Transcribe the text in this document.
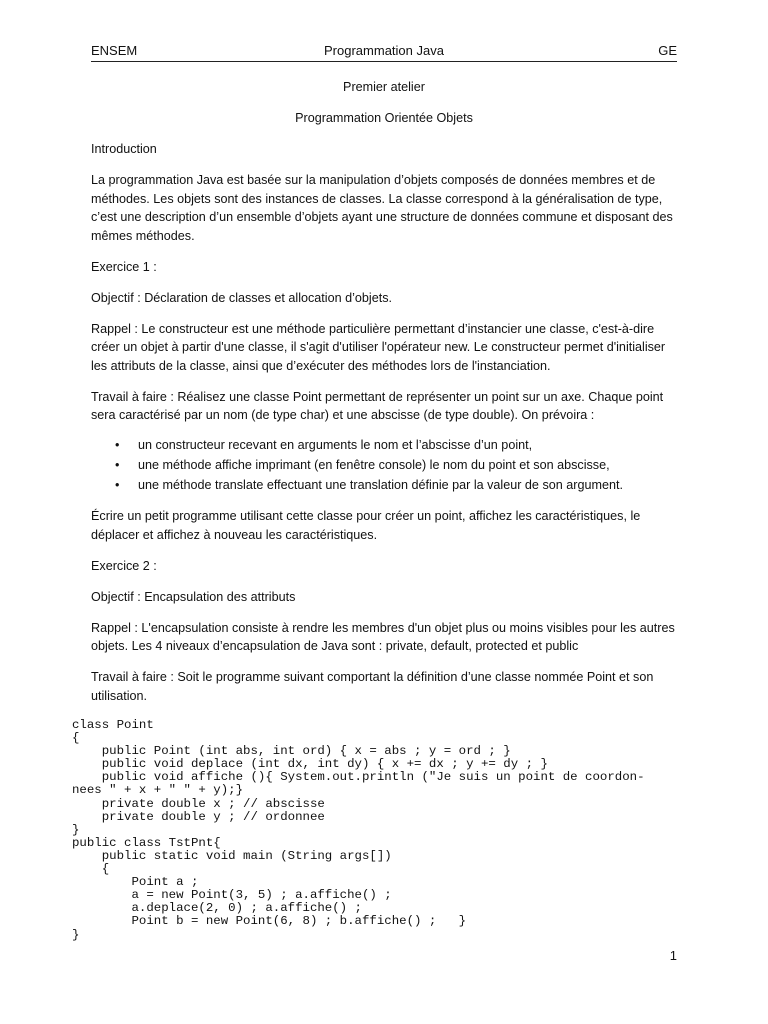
ENSEM	Programmation Java	GE

Premier atelier

Programmation Orientée Objets

Introduction

La programmation Java est basée sur la manipulation d’objets composés de données membres et de méthodes. Les objets sont des instances de classes. La classe correspond à la généralisation de type, c’est une description d’un ensemble d’objets ayant une structure de données commune et disposant des mêmes méthodes.

Exercice 1 :

Objectif : Déclaration de classes et allocation d’objets.

Rappel : Le constructeur est une méthode particulière permettant d’instancier une classe, c'est-à-dire créer un objet à partir d'une classe, il s'agit d'utiliser l'opérateur new. Le constructeur permet d'initialiser les attributs de la classe, ainsi que d’exécuter des méthodes lors de l'instanciation.

Travail à faire : Réalisez une classe Point permettant de représenter un point sur un axe. Chaque point sera caractérisé par un nom (de type char) et une abscisse (de type double). On prévoira :

• un constructeur recevant en arguments le nom et l’abscisse d’un point,
• une méthode affiche imprimant (en fenêtre console) le nom du point et son abscisse,
• une méthode translate effectuant une translation définie par la valeur de son argument.

Écrire un petit programme utilisant cette classe pour créer un point, affichez les caractéristiques, le déplacer et affichez à nouveau les caractéristiques.

Exercice 2 :

Objectif : Encapsulation des attributs

Rappel : L'encapsulation consiste à rendre les membres d'un objet plus ou moins visibles pour les autres objets. Les 4 niveaux d’encapsulation de Java sont : private, default, protected et public

Travail à faire : Soit le programme suivant comportant la définition d’une classe nommée Point et son utilisation.

class Point
{
public Point (int abs, int ord) { x = abs ; y = ord ; }
public void deplace (int dx, int dy) { x += dx ; y += dy ; }
public void affiche (){ System.out.println ("Je suis un point de coordon-
nees " + x + " " + y);}
private double x ; // abscisse
private double y ; // ordonnee
}
public class TstPnt{
public static void main (String args[])
{
Point a ;
a = new Point(3, 5) ; a.affiche() ;
a.deplace(2, 0) ; a.affiche() ;
Point b = new Point(6, 8) ; b.affiche() ;   }
}
1
